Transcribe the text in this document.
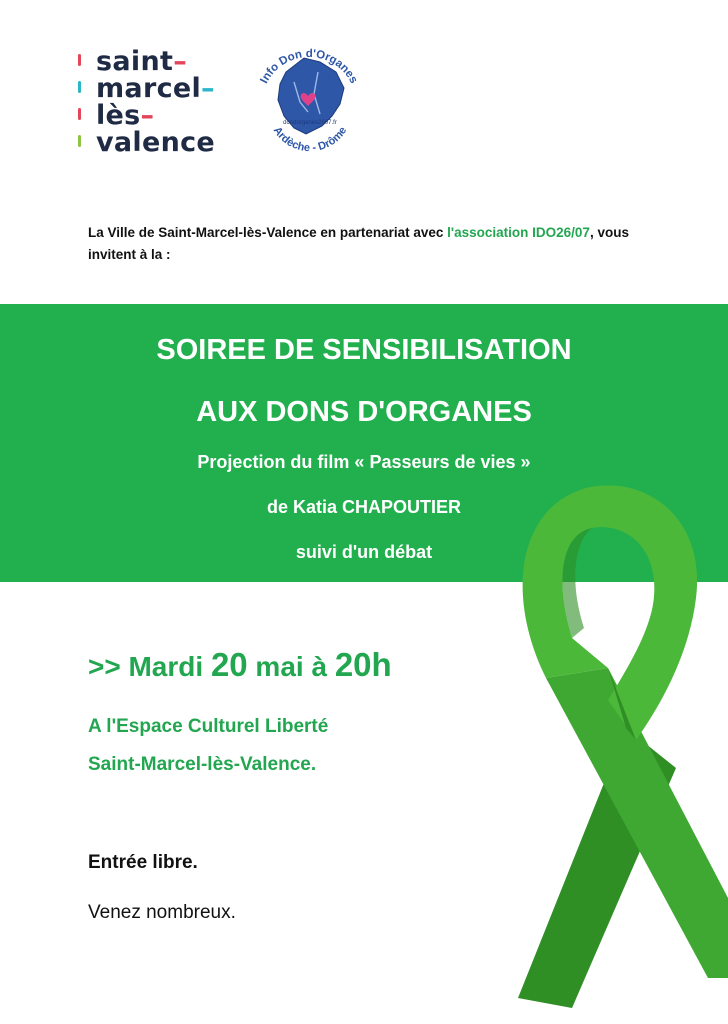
saint–
marcel–
lès–
valence
Info Don d'Organes
dondorganes2607.fr
Ardèche - Drôme
La Ville de Saint-Marcel-lès-Valence en partenariat avec l'association IDO26/07, vous invitent à la :
SOIREE DE SENSIBILISATION
AUX DONS D'ORGANES
Projection du film « Passeurs de vies »
de Katia CHAPOUTIER
suivi d'un débat
>> Mardi 20 mai à 20h
A l'Espace Culturel Liberté
Saint-Marcel-lès-Valence.
Entrée libre.
Venez nombreux.
